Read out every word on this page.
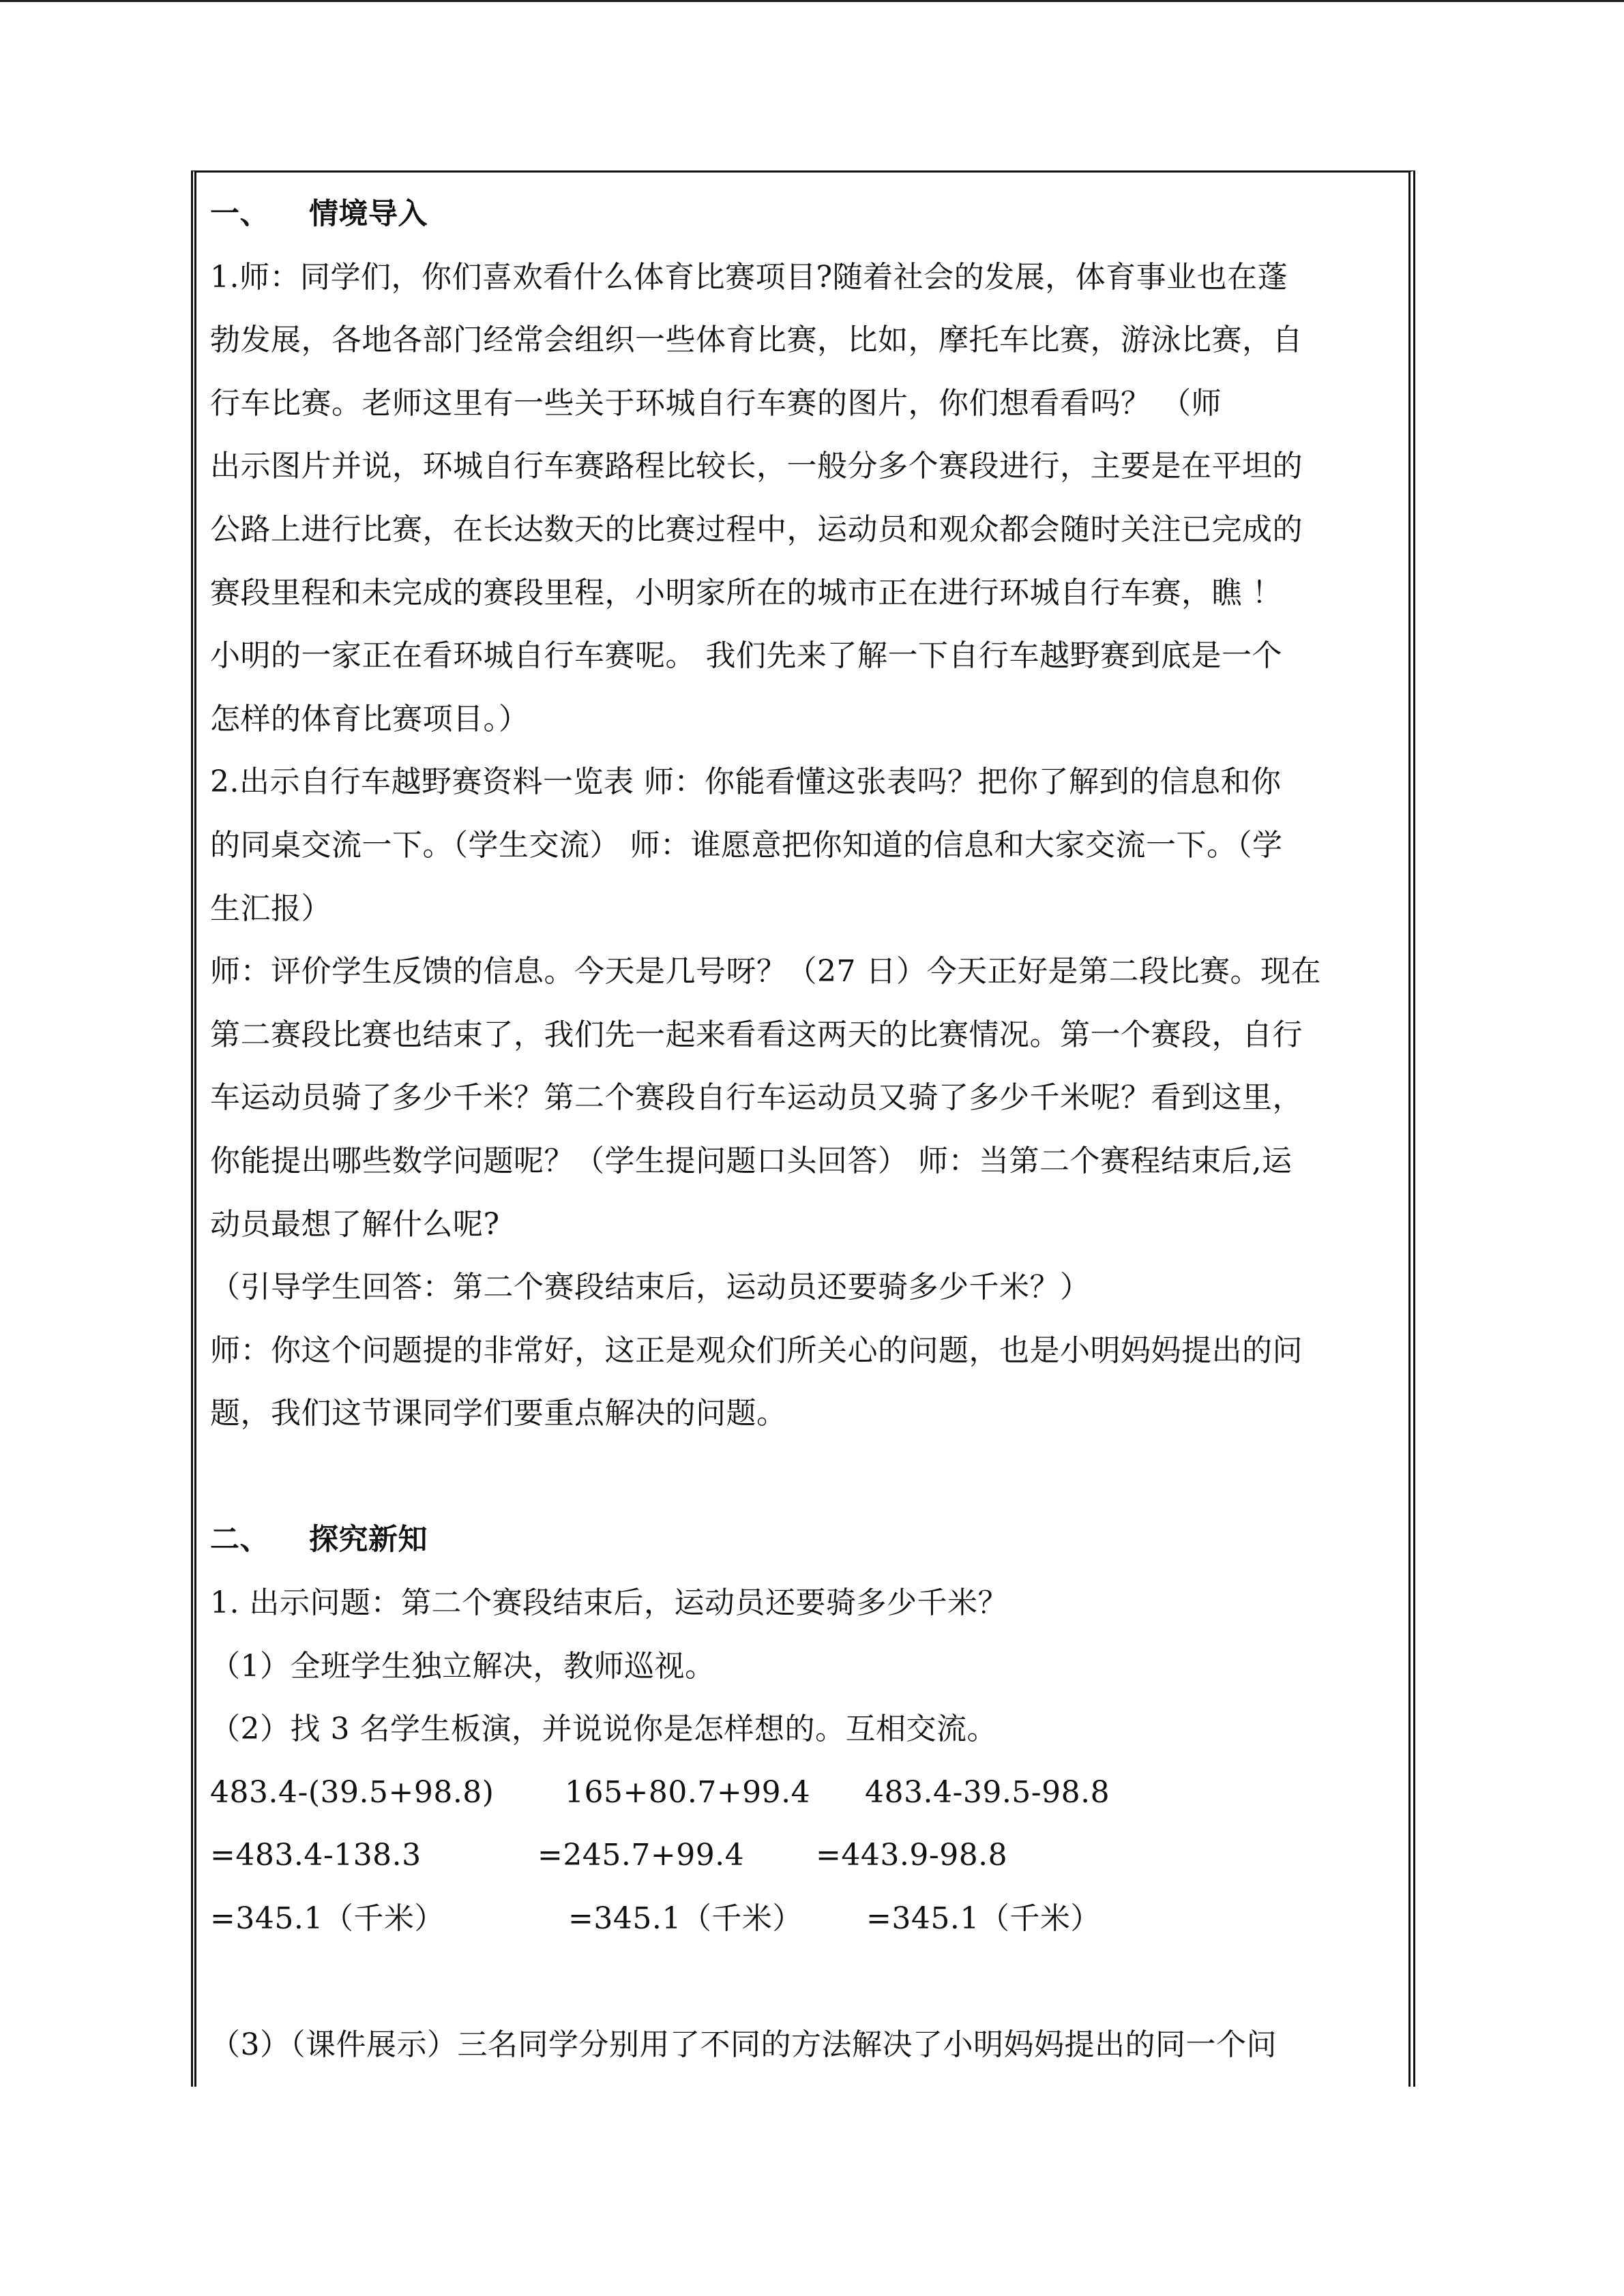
一、 情境导入
1.师：同学们，你们喜欢看什么体育比赛项目?随着社会的发展，体育事业也在蓬
勃发展，各地各部门经常会组织一些体育比赛，比如，摩托车比赛，游泳比赛，自
行车比赛。老师这里有一些关于环城自行车赛的图片，你们想看看吗？ （师
出示图片并说，环城自行车赛路程比较长，一般分多个赛段进行，主要是在平坦的
公路上进行比赛，在长达数天的比赛过程中，运动员和观众都会随时关注已完成的
赛段里程和未完成的赛段里程，小明家所在的城市正在进行环城自行车赛，瞧 ！
小明的一家正在看环城自行车赛呢。 我们先来了解一下自行车越野赛到底是一个
怎样的体育比赛项目。）
2.出示自行车越野赛资料一览表 师：你能看懂这张表吗？把你了解到的信息和你
的同桌交流一下。（学生交流） 师：谁愿意把你知道的信息和大家交流一下。（学
生汇报）
师：评价学生反馈的信息。今天是几号呀？（27 日）今天正好是第二段比赛。现在
第二赛段比赛也结束了，我们先一起来看看这两天的比赛情况。第一个赛段，自行
车运动员骑了多少千米？第二个赛段自行车运动员又骑了多少千米呢？看到这里，
你能提出哪些数学问题呢？（学生提问题口头回答） 师：当第二个赛程结束后,运
动员最想了解什么呢?
（引导学生回答：第二个赛段结束后，运动员还要骑多少千米？）
师：你这个问题提的非常好，这正是观众们所关心的问题，也是小明妈妈提出的问
题，我们这节课同学们要重点解决的问题。
二、 探究新知
1. 出示问题：第二个赛段结束后，运动员还要骑多少千米？
（1）全班学生独立解决，教师巡视。
（2）找 3 名学生板演，并说说你是怎样想的。互相交流。
483.4-(39.5+98.8)	165+80.7+99.4	483.4-39.5-98.8
=483.4-138.3	=245.7+99.4	=443.9-98.8
=345.1（千米）	=345.1（千米）	=345.1（千米）
（3）（课件展示）三名同学分别用了不同的方法解决了小明妈妈提出的同一个问
